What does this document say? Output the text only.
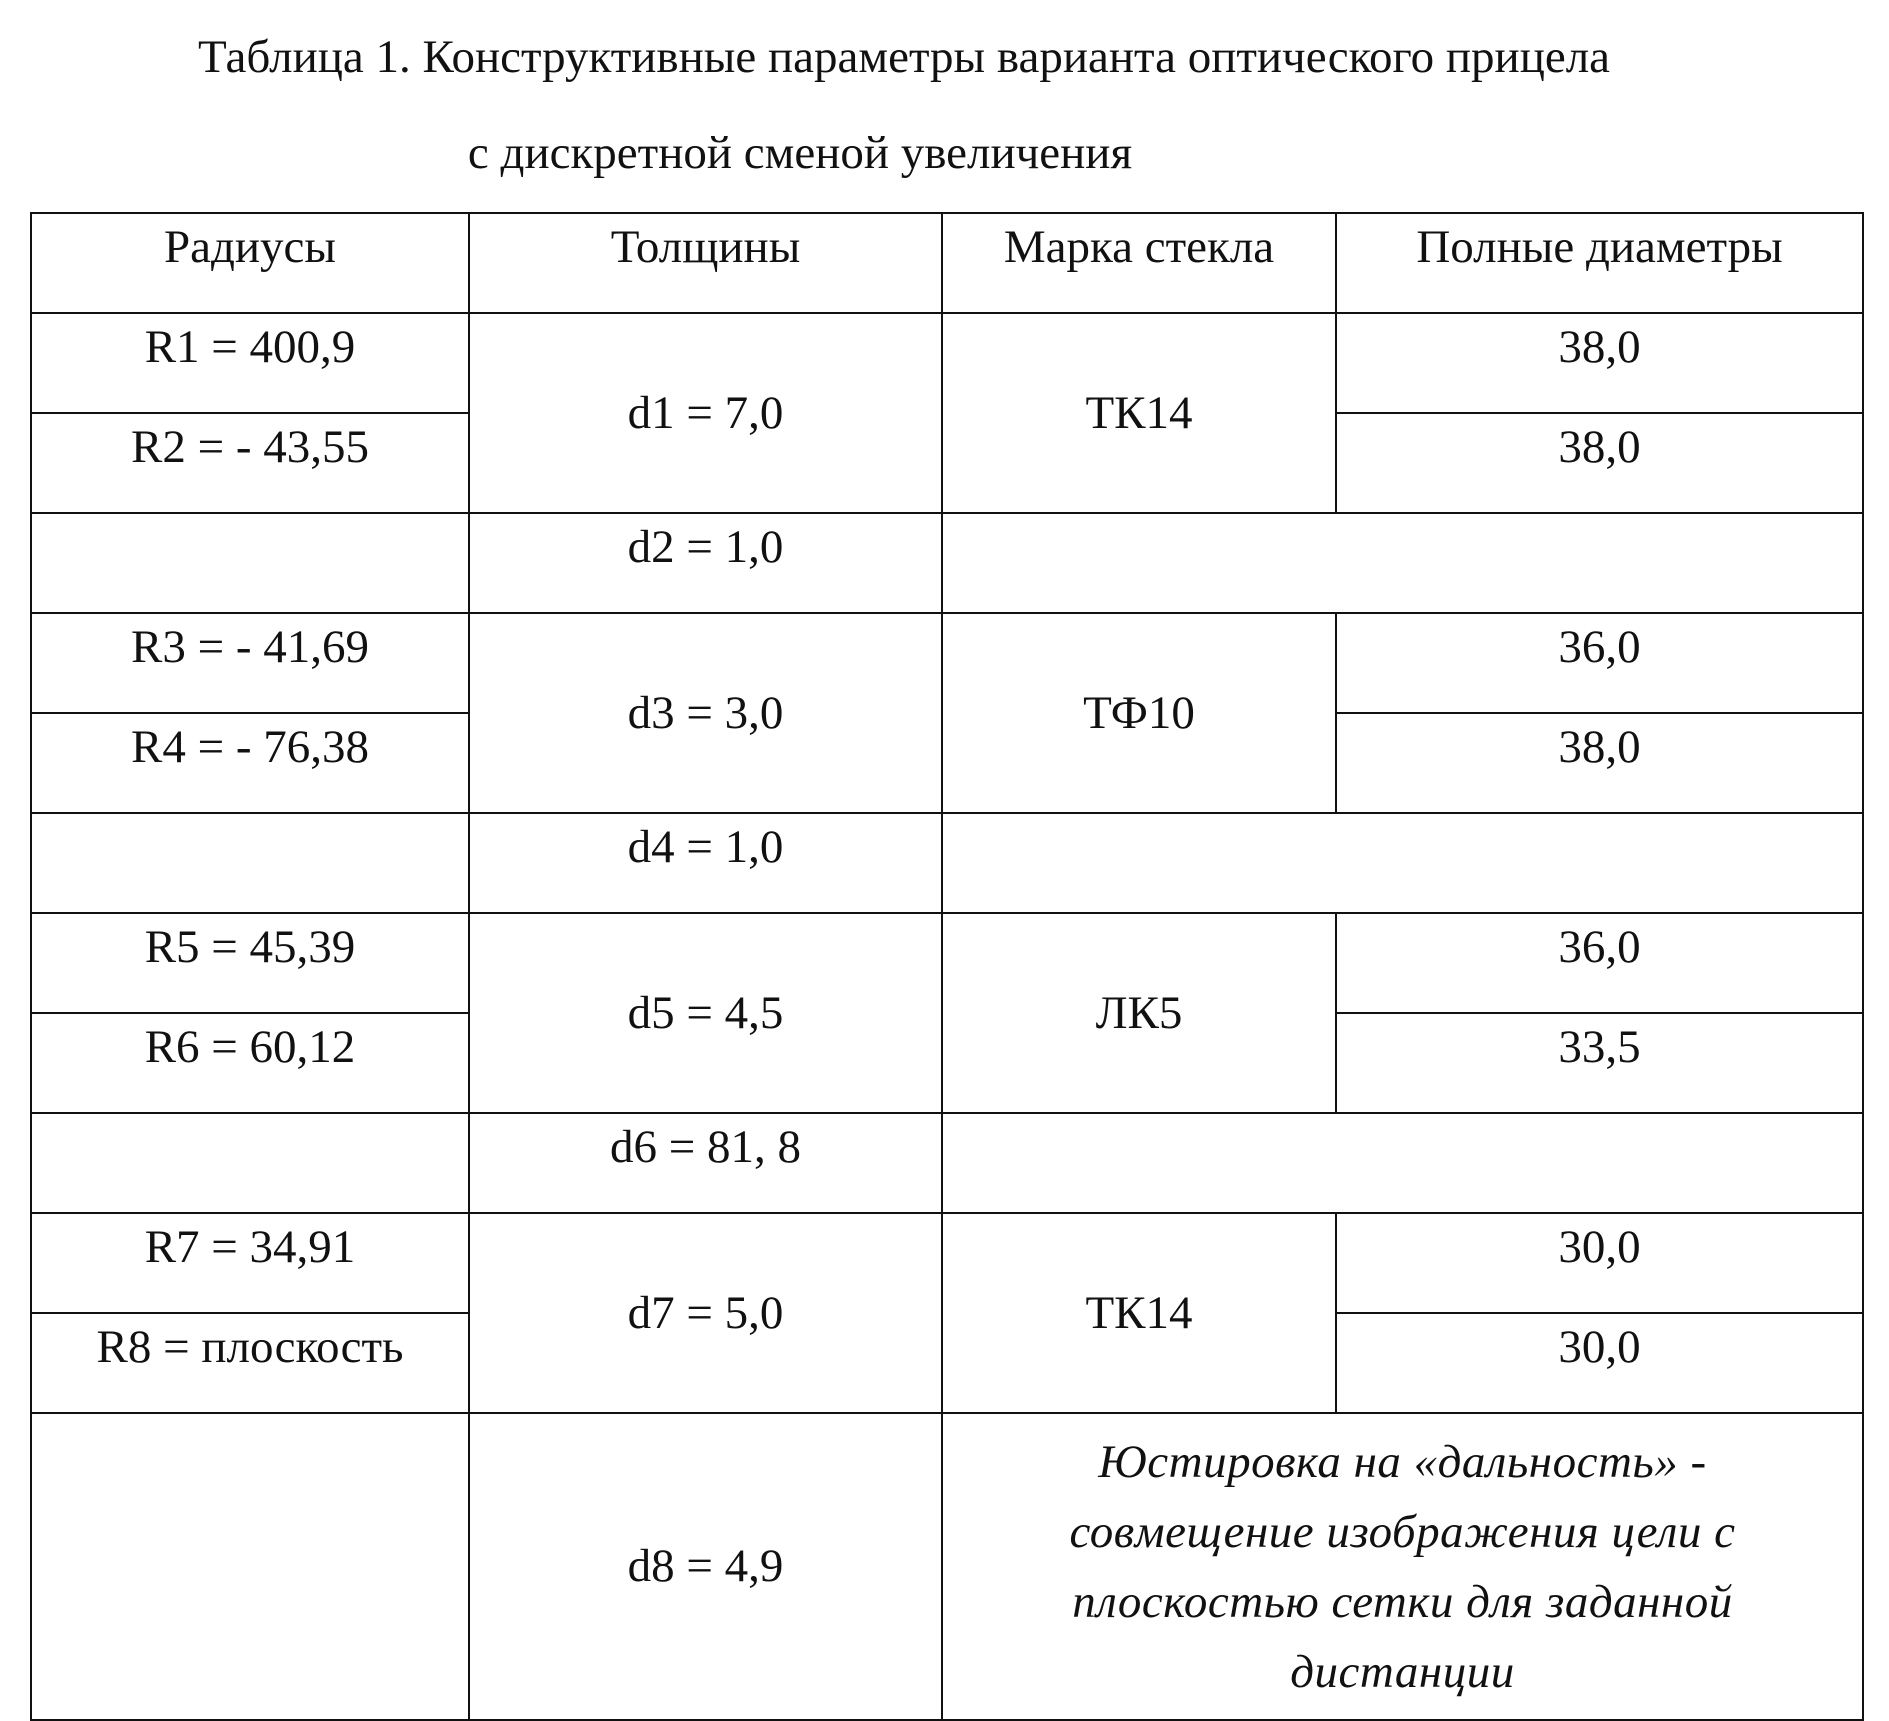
Таблица 1. Конструктивные параметры варианта оптического прицела
с дискретной сменой увеличения
Радиусы	Толщины	Марка стекла	Полные диаметры
R1 = 400,9	d1 = 7,0	ТК14	38,0
R2 = - 43,55			38,0
	d2 = 1,0		
R3 = - 41,69	d3 = 3,0	ТФ10	36,0
R4 = - 76,38			38,0
	d4 = 1,0		
R5 = 45,39	d5 = 4,5	ЛК5	36,0
R6 = 60,12			33,5
	d6 = 81, 8		
R7 = 34,91	d7 = 5,0	ТК14	30,0
R8 = плоскость			30,0
	d8 = 4,9	Юстировка на «дальность» - совмещение изображения цели с плоскостью сетки для заданной дистанции	
